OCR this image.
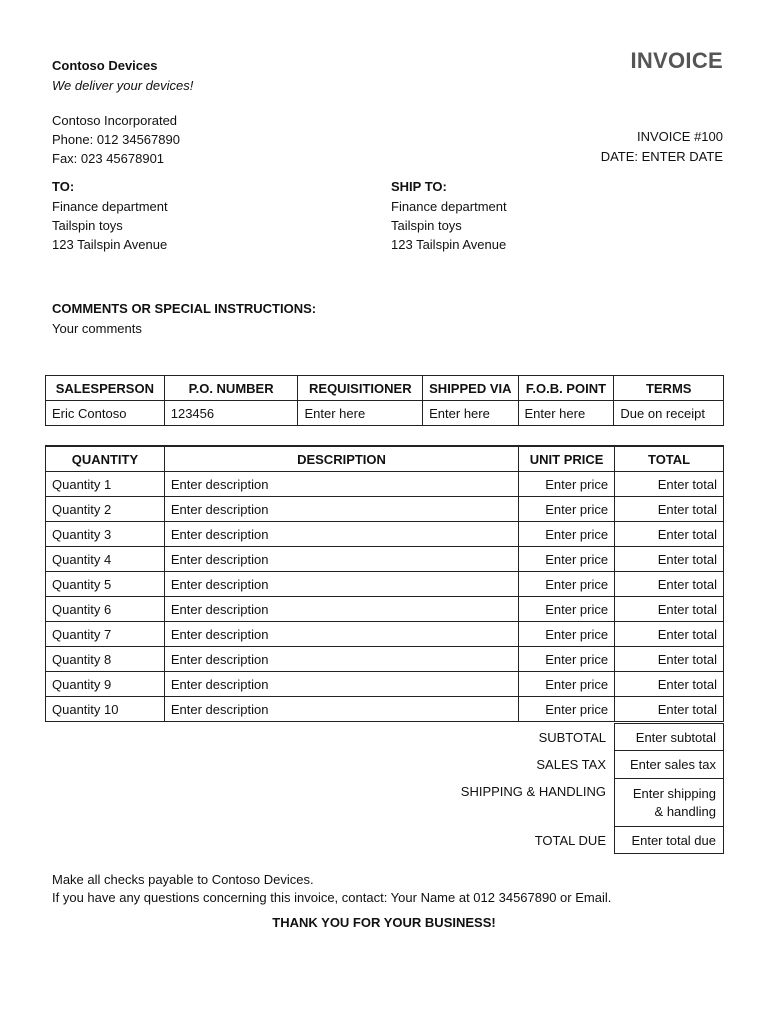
Contoso Devices
We deliver your devices!
Contoso Incorporated
Phone: 012 34567890
Fax: 023 45678901
INVOICE
INVOICE #100
DATE: ENTER DATE
TO:
Finance department
Tailspin toys
123 Tailspin Avenue
SHIP TO:
Finance department
Tailspin toys
123 Tailspin Avenue
COMMENTS OR SPECIAL INSTRUCTIONS:
Your comments
SALESPERSON	P.O. NUMBER	REQUISITIONER	SHIPPED VIA	F.O.B. POINT	TERMS
Eric Contoso	123456	Enter here	Enter here	Enter here	Due on receipt
QUANTITY	DESCRIPTION	UNIT PRICE	TOTAL
Quantity 1	Enter description	Enter price	Enter total
Quantity 2	Enter description	Enter price	Enter total
Quantity 3	Enter description	Enter price	Enter total
Quantity 4	Enter description	Enter price	Enter total
Quantity 5	Enter description	Enter price	Enter total
Quantity 6	Enter description	Enter price	Enter total
Quantity 7	Enter description	Enter price	Enter total
Quantity 8	Enter description	Enter price	Enter total
Quantity 9	Enter description	Enter price	Enter total
Quantity 10	Enter description	Enter price	Enter total
SUBTOTAL	Enter subtotal
SALES TAX	Enter sales tax
SHIPPING & HANDLING	Enter shipping & handling
TOTAL DUE	Enter total due
Make all checks payable to Contoso Devices.
If you have any questions concerning this invoice, contact: Your Name at 012 34567890 or Email.
THANK YOU FOR YOUR BUSINESS!
